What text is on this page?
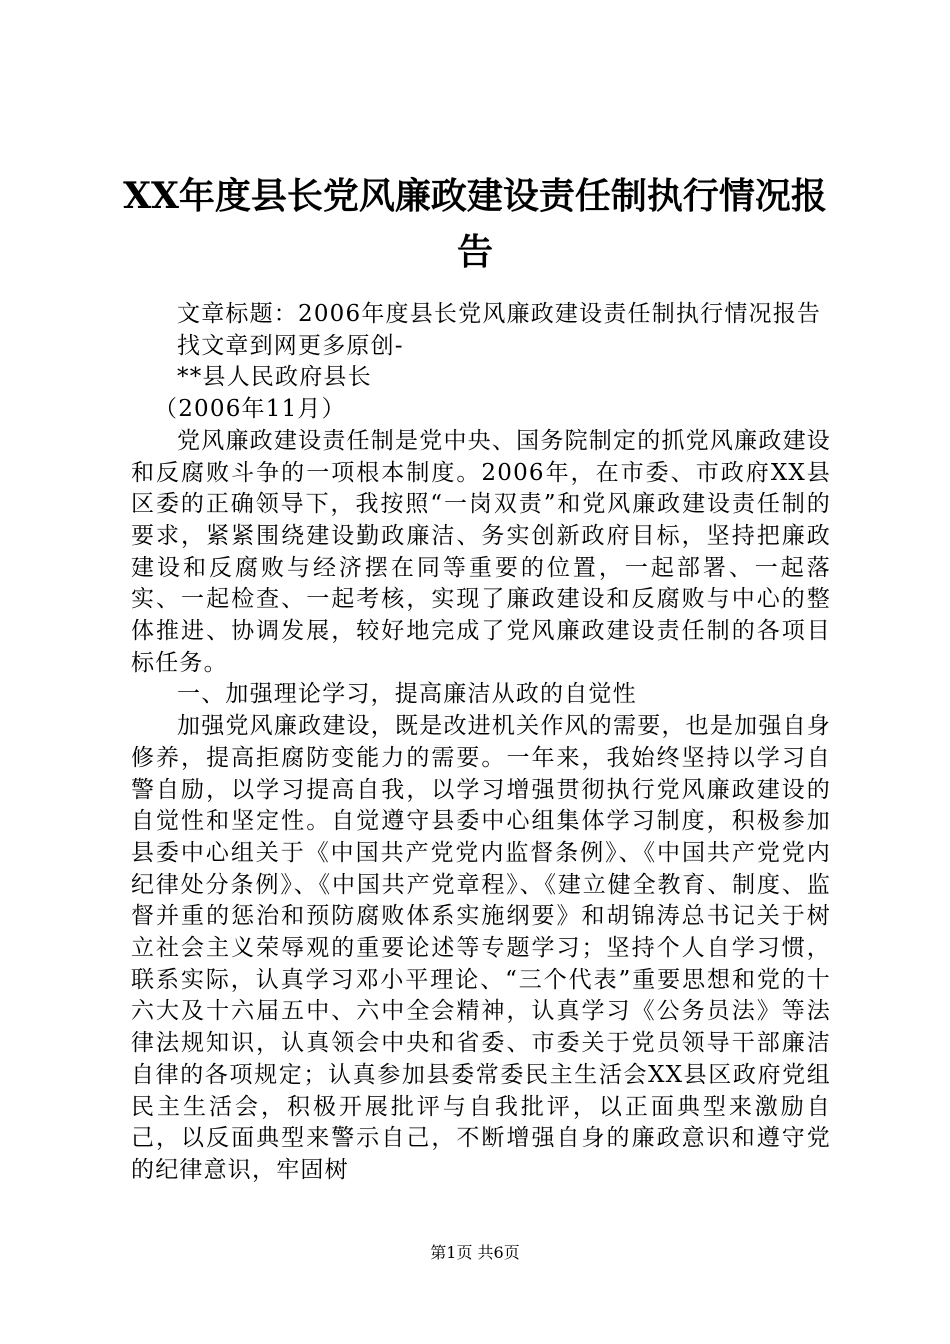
XX年度县长党风廉政建设责任制执行情况报
告

文章标题：2006年度县长党风廉政建设责任制执行情况报告

找文章到网更多原创-

**县人民政府县长

（2006年11月）

党风廉政建设责任制是党中央、国务院制定的抓党风廉政建设和反腐败斗争的一项根本制度。2006年，在市委、市政府XX县区委的正确领导下，我按照“一岗双责”和党风廉政建设责任制的要求，紧紧围绕建设勤政廉洁、务实创新政府目标，坚持把廉政建设和反腐败与经济摆在同等重要的位置，一起部署、一起落实、一起检查、一起考核，实现了廉政建设和反腐败与中心的整体推进、协调发展，较好地完成了党风廉政建设责任制的各项目标任务。

一、加强理论学习，提高廉洁从政的自觉性

加强党风廉政建设，既是改进机关作风的需要，也是加强自身修养，提高拒腐防变能力的需要。一年来，我始终坚持以学习自警自励，以学习提高自我，以学习增强贯彻执行党风廉政建设的自觉性和坚定性。自觉遵守县委中心组集体学习制度，积极参加县委中心组关于《中国共产党党内监督条例》、《中国共产党党内纪律处分条例》、《中国共产党章程》、《建立健全教育、制度、监督并重的惩治和预防腐败体系实施纲要》和胡锦涛总书记关于树立社会主义荣辱观的重要论述等专题学习；坚持个人自学习惯，联系实际，认真学习邓小平理论、“三个代表”重要思想和党的十六大及十六届五中、六中全会精神，认真学习《公务员法》等法律法规知识，认真领会中央和省委、市委关于党员领导干部廉洁自律的各项规定；认真参加县委常委民主生活会XX县区政府党组民主生活会，积极开展批评与自我批评，以正面典型来激励自己，以反面典型来警示自己，不断增强自身的廉政意识和遵守党的纪律意识，牢固树

第1页 共6页
